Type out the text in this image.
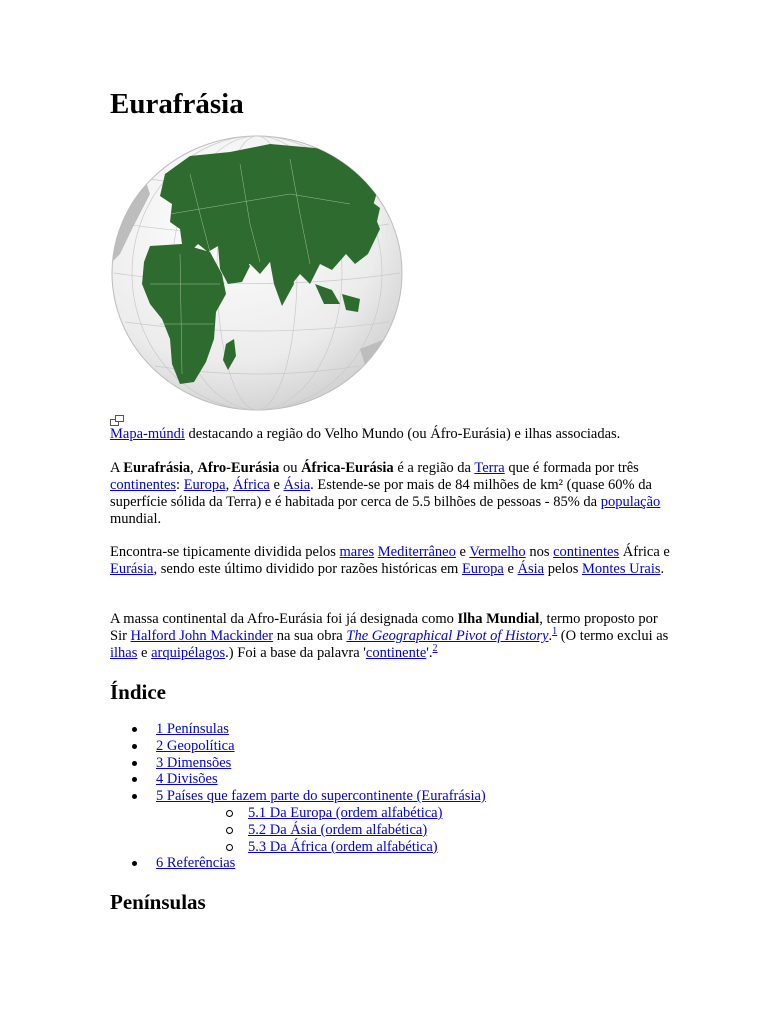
Eurafrásia
Mapa-múndi destacando a região do Velho Mundo (ou Áfro-Eurásia) e ilhas associadas.

A Eurafrásia, Afro-Eurásia ou África-Eurásia é a região da Terra que é formada por três continentes: Europa, África e Ásia. Estende-se por mais de 84 milhões de km² (quase 60% da superfície sólida da Terra) e é habitada por cerca de 5.5 bilhões de pessoas - 85% da população mundial.

Encontra-se tipicamente dividida pelos mares Mediterrâneo e Vermelho nos continentes África e Eurásia, sendo este último dividido por razões históricas em Europa e Ásia pelos Montes Urais.

A massa continental da Afro-Eurásia foi já designada como Ilha Mundial, termo proposto por Sir Halford John Mackinder na sua obra The Geographical Pivot of History.$^1$ (O termo exclui as ilhas e arquipélagos.) Foi a base da palavra 'continente'.$^2$

Índice
1 Penínsulas
2 Geopolítica
3 Dimensões
4 Divisões
5 Países que fazem parte do supercontinente (Eurafrásia)
5.1 Da Europa (ordem alfabética)
5.2 Da Ásia (ordem alfabética)
5.3 Da África (ordem alfabética)
6 Referências
Penínsulas
